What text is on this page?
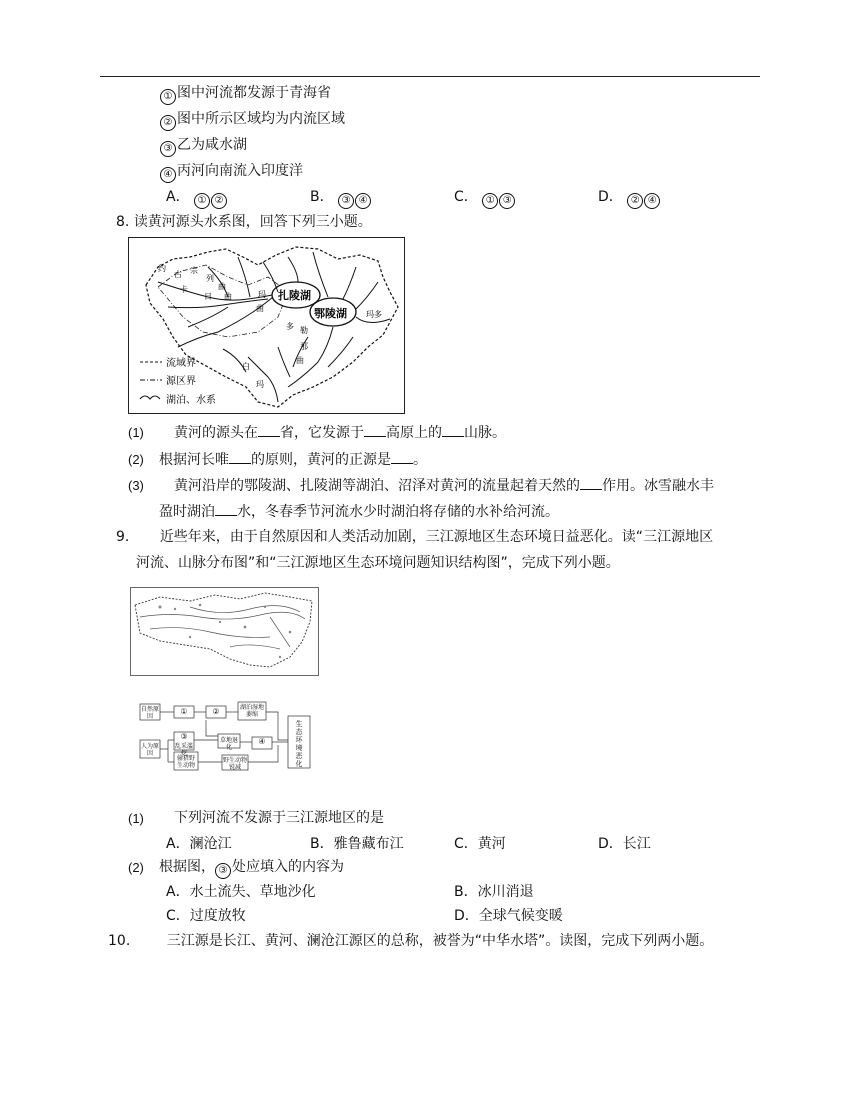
① 图中河流都发源于青海省
② 图中所示区域均为内流区域
③ 乙为咸水湖
④ 丙河向南流入印度洋
A． ① ②	B． ③ ④	C． ① ③	D． ② ④
8. 读黄河源头水系图，回答下列三小题。
流域界
源区界
湖泊、水系
扎陵湖
鄂陵湖
约
古 宗
列
曲
卡
日 曲	玛
曲
多 勒
那
曲
白
玛
玛多
(1) 黄河的源头在 省，它发源于 高原上的 山脉。
(2) 根据河长唯 的原则，黄河的正源是 。
(3) 黄河沿岸的鄂陵湖、扎陵湖等湖泊、沼泽对黄河的流量起着天然的 作用。冰雪融水丰
盈时湖泊 水，冬春季节河流水少时湖泊将存储的水补给河流。
9. 近些年来，由于自然原因和人类活动加剧，三江源地区生态环境日益恶化。读“三江源地区
河流、山脉分布图”和“三江源地区生态环境问题知识结构图”，完成下列小题。
自然原因
①	②	湖泊湿地萎缩
人为原因
③
乱采滥挖
草地退化
④
偷猎野生动物
野生动物锐减
生态环境恶化
(1) 下列河流不发源于三江源地区的是
A．澜沧江	B．雅鲁藏布江	C．黄河	D．长江
(2) 根据图， ③ 处应填入的内容为
A．水土流失、草地沙化	B．冰川消退
C．过度放牧	D．全球气候变暖
10.	三江源是长江、黄河、澜沧江源区的总称，被誉为“中华水塔”。读图，完成下列两小题。
